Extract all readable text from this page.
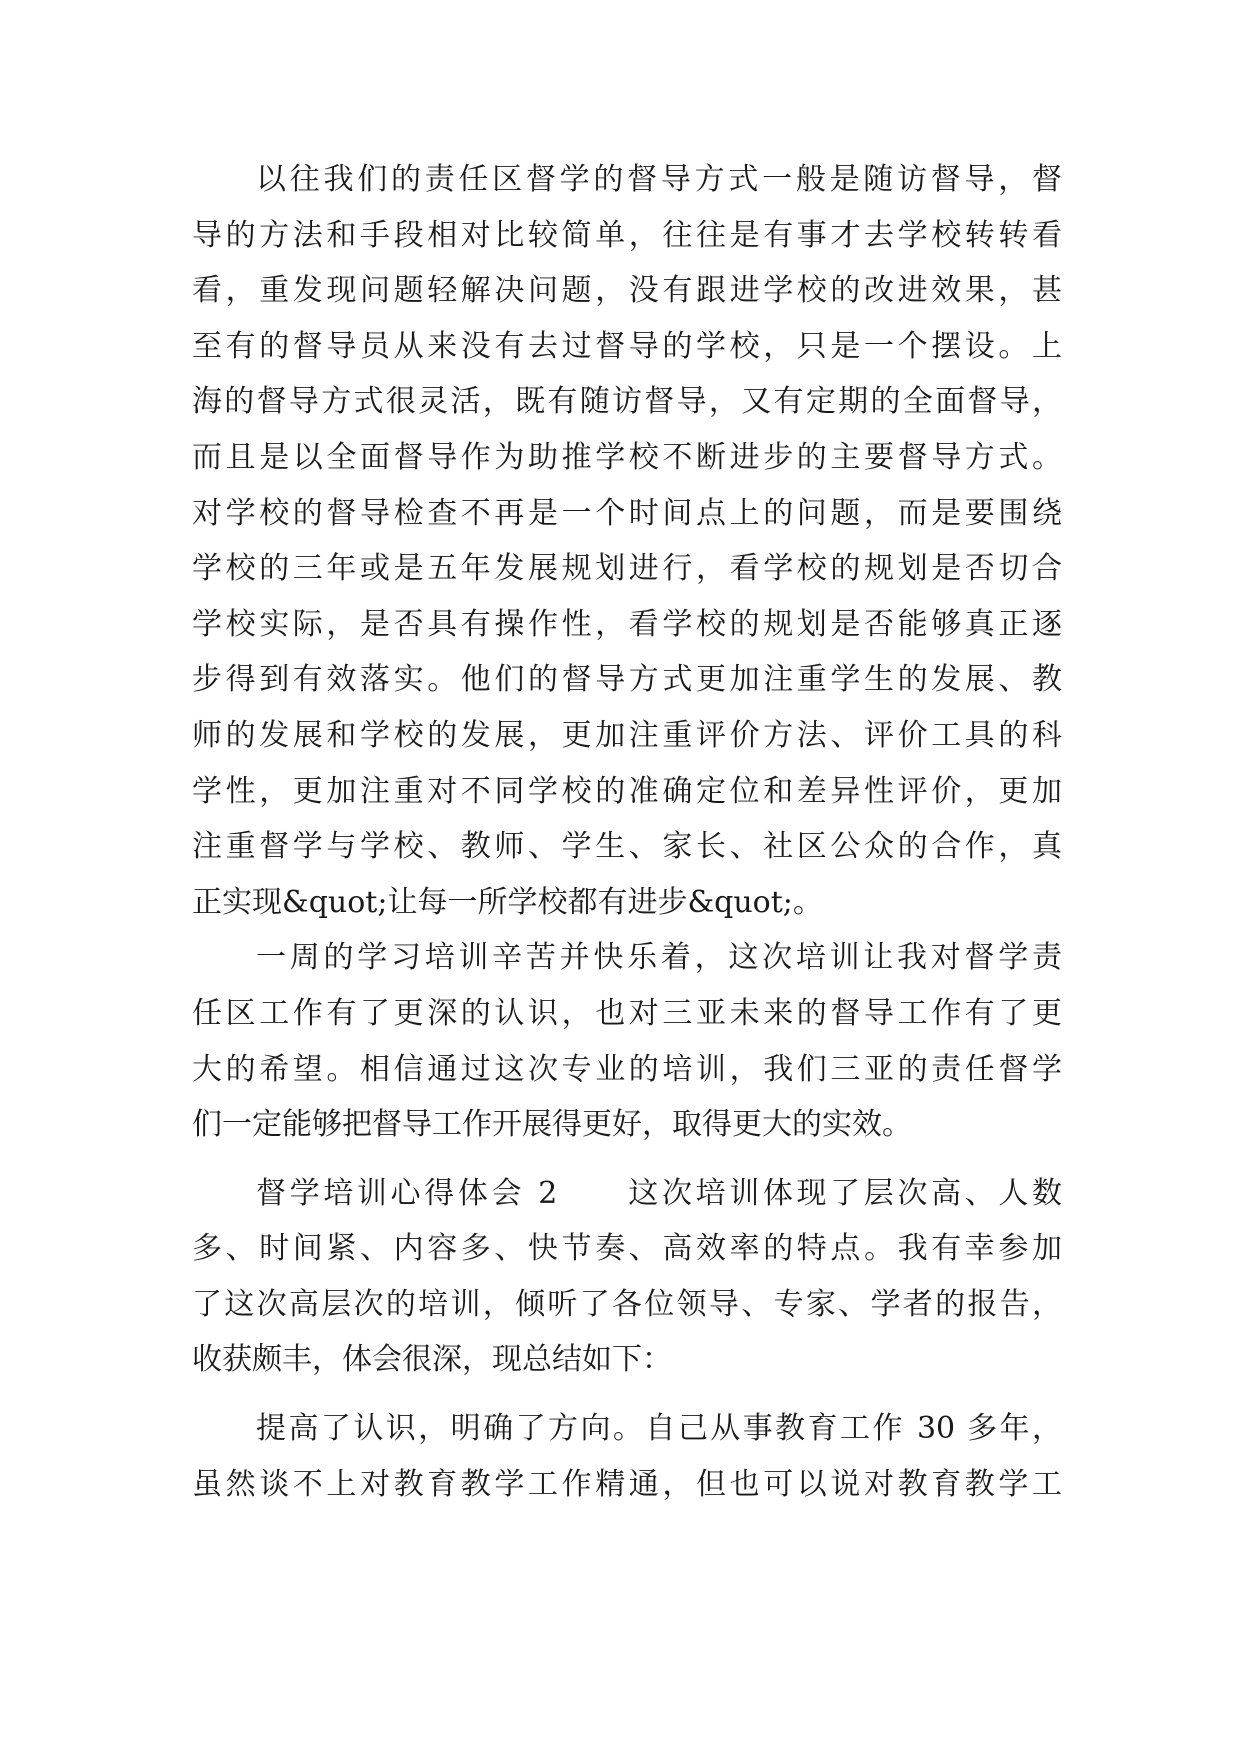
以往我们的责任区督学的督导方式一般是随访督导，督
导的方法和手段相对比较简单，往往是有事才去学校转转看
看，重发现问题轻解决问题，没有跟进学校的改进效果，甚
至有的督导员从来没有去过督导的学校，只是一个摆设。上
海的督导方式很灵活，既有随访督导，又有定期的全面督导，
而且是以全面督导作为助推学校不断进步的主要督导方式。
对学校的督导检查不再是一个时间点上的问题，而是要围绕
学校的三年或是五年发展规划进行，看学校的规划是否切合
学校实际，是否具有操作性，看学校的规划是否能够真正逐
步得到有效落实。他们的督导方式更加注重学生的发展、教
师的发展和学校的发展，更加注重评价方法、评价工具的科
学性，更加注重对不同学校的准确定位和差异性评价，更加
注重督学与学校、教师、学生、家长、社区公众的合作，真
正实现&quot;让每一所学校都有进步&quot;。
一周的学习培训辛苦并快乐着，这次培训让我对督学责
任区工作有了更深的认识，也对三亚未来的督导工作有了更
大的希望。相信通过这次专业的培训，我们三亚的责任督学
们一定能够把督导工作开展得更好，取得更大的实效。
督学培训心得体会 2　　这次培训体现了层次高、人数
多、时间紧、内容多、快节奏、高效率的特点。我有幸参加
了这次高层次的培训，倾听了各位领导、专家、学者的报告，
收获颇丰，体会很深，现总结如下：
提高了认识，明确了方向。自己从事教育工作 30 多年，
虽然谈不上对教育教学工作精通，但也可以说对教育教学工
